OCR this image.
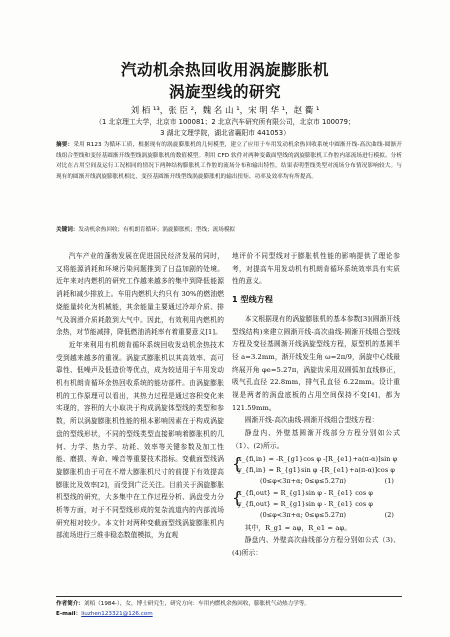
汽动机余热回收用涡旋膨胀机
涡旋型线的研究
刘 栢 ¹³，张 臣 ²，魏 名 山 ¹，宋 明 华 ¹，赵 衢 ¹
（1 北京理工大学，北京市 100081；2 北京汽车研究所有限公司，北京市 100079；
3 湖北文理学院，湖北省襄阳市 441053）
摘要：采用 R123 为循环工质，根据现有的涡旋膨胀机的几何模型，建立了应用于车用发动机余热回收系统中圆渐开线-高次曲线-圆渐开线组合型线和变径基圆渐开线型线涡旋膨胀机的数值模型。利用 CFD 软件对两种变截面型线的涡旋膨胀机工作腔内部流场进行模拟。分析对比在占用空间及运行工况相同的情况下两种结构膨胀机工作腔的流场分布和输出特性。结果表明型线类型对流场分布情况影响较大。与现有的圆渐开线涡旋膨胀机相比，变径基圆渐开线型线涡旋膨胀机的输出扭矩、功率及效率均有所提高。
关键词：发动机余热回收；有机朗肯循环；涡旋膨胀机；型线；流场模拟
汽车产业的蓬勃发展在促进国民经济发展的同时，又将能源消耗和环境污染问题推到了日益加剧的处境。近年来对内燃机的研究工作越来越多的集中到降低能源消耗和减少排放上。车用内燃机大约只有 30%的燃油燃烧能量转化为机械能，其余能量主要通过冷却介质、排气及润滑介质耗散到大气中。因此，有效利用内燃机的余热，对节能减排，降低燃油消耗率有着重要意义[1]。
近年来利用有机朗肯循环系统回收发动机余热技术受到越来越多的重视。涡旋式膨胀机以其高效率、高可靠性、低噪声及低造价等优点，成为较适用于车用发动机有机朗肯循环余热回收系统的能功部件。由涡旋膨胀机的工作原理可以看出，其热力过程是通过容积变化来实现的，容积的大小取决于构成涡旋体型线的类型和参数，所以涡旋膨胀机性能的根本影响因素在于构成涡旋盘的型线形状，不同的型线类型直接影响着膨胀机的几何、力学、热力学、功耗、效率等关键参数及加工性能、磨损、寿命、噪音等重要技术指标。变截面型线涡旋膨胀机由于可在不增大膨胀机尺寸的前提下有效提高膨胀比及效率[2]，而受到广泛关注。目前关于涡旋膨胀机型线的研究，大多集中在工作过程分析、涡盘受力分析等方面，对于不同型线形成的复杂流道内的内部流场研究相对较少。本文针对两种变截面型线涡旋膨胀机内部流场进行三维非稳态数值模拟，为直观
地评价不同型线对于膨胀机性能的影响提供了理论参考，对提高车用发动机有机朗肯循环系统效率具有实质性的意义。
1 型线方程
本文根据现有的涡旋膨胀机的基本参数[3](圆渐开线型线结构)来建立圆渐开线-高次曲线-圆渐开线组合型线方程及变径基圆渐开线涡旋型线方程，原型机的基圆半径 a=3.2mm，渐开线发生角 ω=2π/9，涡旋中心线最终展开角 φe=5.27π，涡旋齿采用双圆弧加直线修正，吸气孔直径 22.8mm，排气孔直径 6.22mm。设计重视是两者的涡盘底板的占用空间保持不变[4]，都为 121.59mm。
圆渐开线-高次曲线-圆渐开线组合型线方程：
静盘内、外壁基圆渐开线部分方程分别如公式（1）、(2)所示。
{
x_{fi,in} = -R_{g1}cos φ -[R_{e1}+a(π-α)]sin φ
y_{fi,in} = R_{g1}sin φ -[R_{e1}+a(π-α)]cos φ
(0≤φ<3π+α; 0≤φ≤5.27π)	(1)
{
x_{fi,out} = R_{g1}sin φ - R_{e1} cos φ
y_{fi,out} = R_{g1}sin φ - R_{e1} cos φ
(0≤φ<3π+α; 0≤φ≤5.27π)	(2)
其中，R_g1 = aφ，R_e1 = aφ。
静盘内、外壁高次曲线部分方程分别如公式（3)、(4)所示：
作者简介：刘栢（1984-），女，博士研究生，研究方向：车用内燃机余热回收，膨胀机气动热力学等。
E-mail：liuzhen123321@126.com
